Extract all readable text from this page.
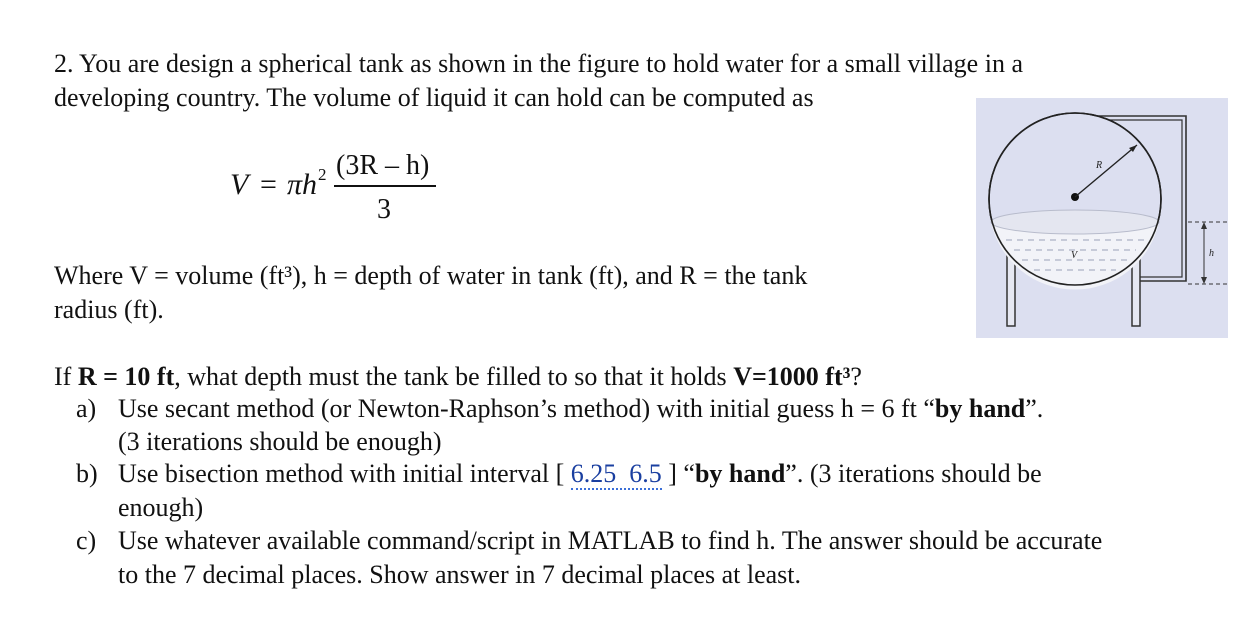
2. You are design a spherical tank as shown in the figure to hold water for a small village in a
developing country. The volume of liquid it can hold can be computed as
V = πh 2 (3R – h)
3
Where V = volume (ft³), h = depth of water in tank (ft), and R = the tank
radius (ft).
If R = 10 ft, what depth must the tank be filled to so that it holds V=1000 ft³?
a) Use secant method (or Newton-Raphson’s method) with initial guess h = 6 ft “by hand”.
(3 iterations should be enough)
b) Use bisection method with initial interval [ 6.25  6.5 ] “by hand”. (3 iterations should be
enough)
c) Use whatever available command/script in MATLAB to find h. The answer should be accurate
to the 7 decimal places. Show answer in 7 decimal places at least.
R
V	h
